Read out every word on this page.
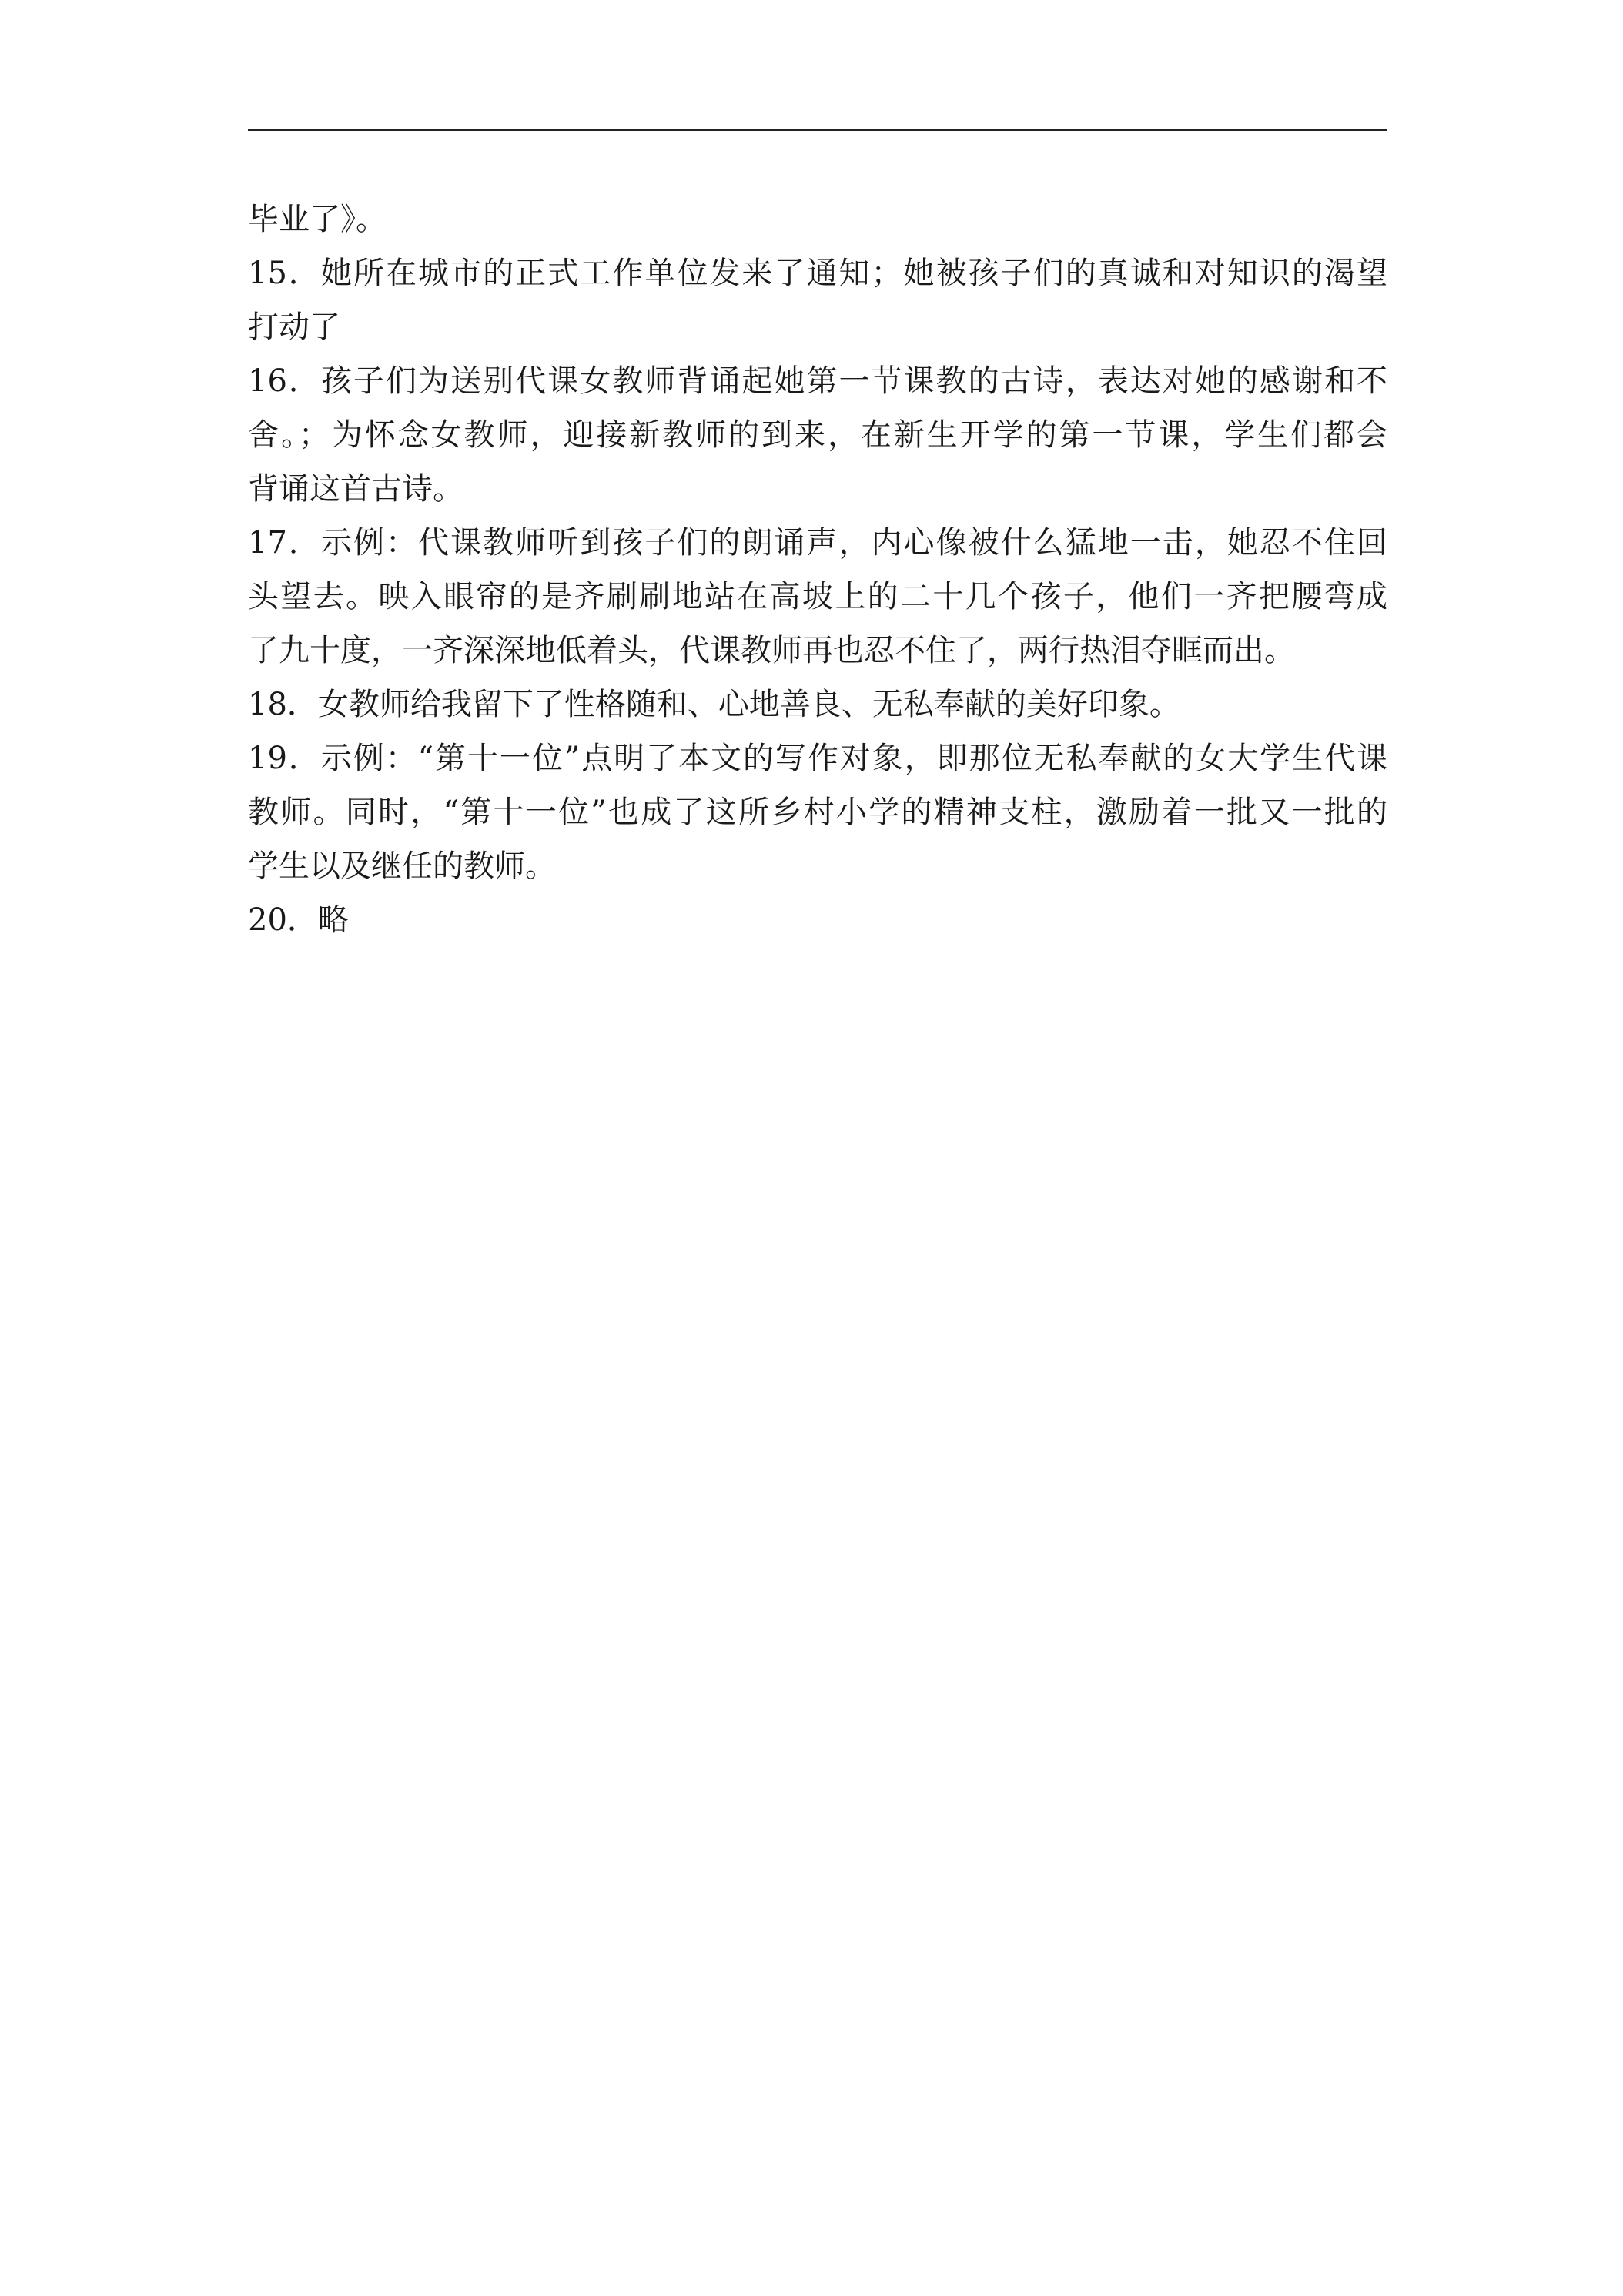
毕业了》。
15．她所在城市的正式工作单位发来了通知；她被孩子们的真诚和对知识的渴望
打动了
16．孩子们为送别代课女教师背诵起她第一节课教的古诗，表达对她的感谢和不
舍。；为怀念女教师，迎接新教师的到来，在新生开学的第一节课，学生们都会
背诵这首古诗。
17．示例：代课教师听到孩子们的朗诵声，内心像被什么猛地一击，她忍不住回
头望去。映入眼帘的是齐刷刷地站在高坡上的二十几个孩子，他们一齐把腰弯成
了九十度，一齐深深地低着头，代课教师再也忍不住了，两行热泪夺眶而出。
18．女教师给我留下了性格随和、心地善良、无私奉献的美好印象。
19．示例：“第十一位”点明了本文的写作对象，即那位无私奉献的女大学生代课
教师。同时，“第十一位”也成了这所乡村小学的精神支柱，激励着一批又一批的
学生以及继任的教师。
20．略
